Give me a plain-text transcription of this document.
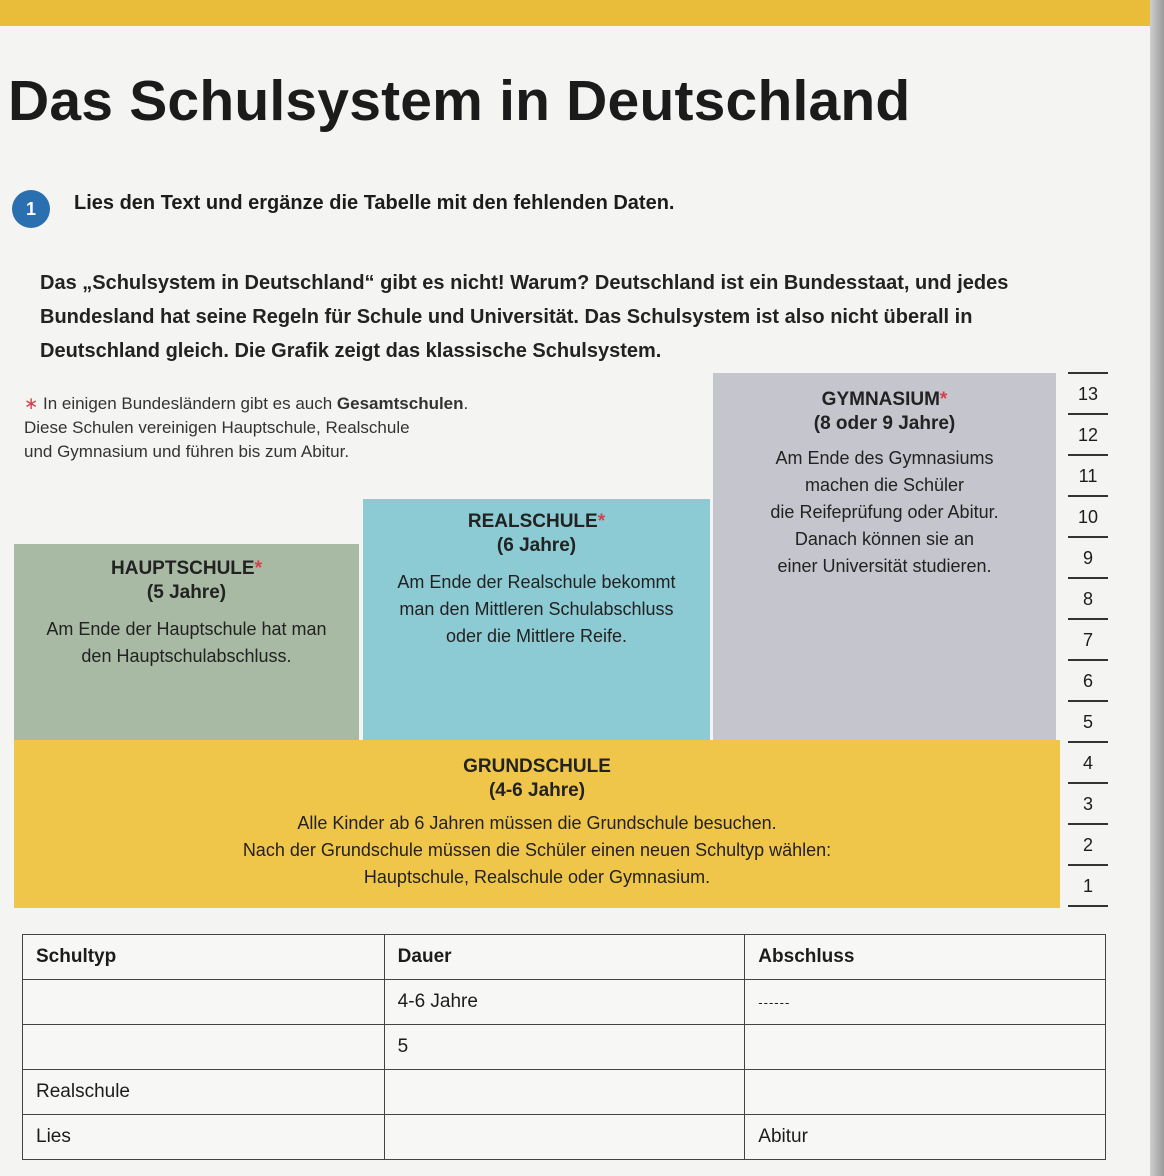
Das Schulsystem in Deutschland
1	Lies den Text und ergänze die Tabelle mit den fehlenden Daten.
Das „Schulsystem in Deutschland“ gibt es nicht! Warum? Deutschland ist ein Bundesstaat, und jedes
Bundesland hat seine Regeln für Schule und Universität. Das Schulsystem ist also nicht überall in
Deutschland gleich. Die Grafik zeigt das klassische Schulsystem.
∗ In einigen Bundesländern gibt es auch Gesamtschulen.
Diese Schulen vereinigen Hauptschule, Realschule
und Gymnasium und führen bis zum Abitur.
GYMNASIUM*
(8 oder 9 Jahre)
Am Ende des Gymnasiums
machen die Schüler
die Reifeprüfung oder Abitur.
Danach können sie an
einer Universität studieren.
REALSCHULE*
(6 Jahre)
Am Ende der Realschule bekommt
man den Mittleren Schulabschluss
oder die Mittlere Reife.
HAUPTSCHULE*
(5 Jahre)
Am Ende der Hauptschule hat man
den Hauptschulabschluss.
GRUNDSCHULE
(4-6 Jahre)
Alle Kinder ab 6 Jahren müssen die Grundschule besuchen.
Nach der Grundschule müssen die Schüler einen neuen Schultyp wählen:
Hauptschule, Realschule oder Gymnasium.
13
12
11
10
9
8
7
6
5
4
3
2
1
Schultyp	Dauer	Abschluss
	4-6 Jahre	------
	5	
Realschule		
Lies		Abitur
